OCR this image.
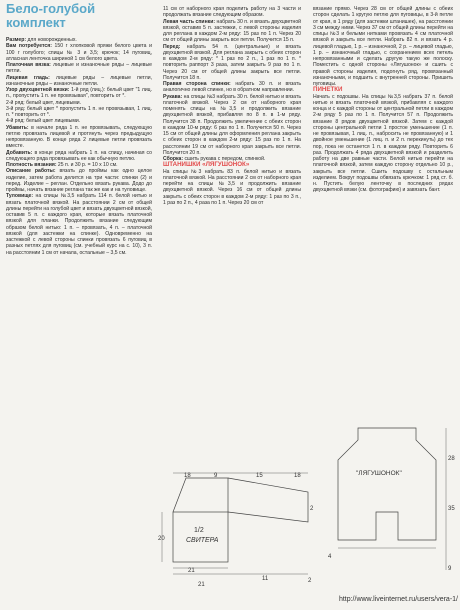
Бело-голубой
комплект

Размер: для новорожденных.

Вам потребуется: 150 г хлопковой пряжи белого цвета и 100 г голубого; спицы № 3 и 3,5; крючок; 14 пуговиц, атласная ленточка шириной 1 см белого цвета.

Платочная вязка: лицевые и изнаночные ряды – лицевые петли.

Лицевая гладь: лицевые ряды – лицевые петли, изнаночные ряды – изнаночные петли.

Узор двухцветной вязки: 1-й ряд (лиц.): белый цвет "1 лиц. п., пропустить 1 п. не провязывая", повторить от *.

2-й ряд: белый цвет, лицевыми.

3-й ряд: белый цвет * пропустить 1 п. не провязывая, 1 лиц. п. * повторить от *.

4-й ряд: белый цвет лицевыми.

Убавить: в начале ряда 1 п. не провязывать, следующую петлю провязать лицевой и протянуть через предыдущую непровязанную. В конце ряда 2 лицевые петли провязать вместе.

Добавить: в конце ряда набрать 1 п. на спицу, начиная со следующего ряда провязывать ее как обычную петлю.

Плотность вязания: 25 п. и 30 р. = 10 x 10 см.

Описание работы: вязать до проймы как одно целое изделие, затем работа делится на три части: спинки (2) и перед. Изделие – реглан. Отдельно вязать рукава. Додо до проймы, начать вязание реглана так же как и на туловище.

Туловище: на спицы №3,5 набрать 114 п. белой нитью и вязать платочной вязкой. На расстоянии 2 см от общей длины перейти на голубой цвет и вязать двухцветной вязкой, оставив 5 п. с каждого края, которые вязать платочной вязкой для планки. Продолжить вязание следующим образом белой нитью: 1 п. – провязать, 4 п. – платочной вязкой (для застежки на спинке). Одновременно на застежкой с левой стороны спинки провязать 6 пуговиц в разных петлях для пуговиц (см. учебный курс на с. 10), 3 п. на расстоянии 1 см от начала, остальные – 3,5 см.

11 см от наборного края поделить работу на 3 части и продолжать вязание следующим образом.

Левая часть спинки: набрать 30 п. и вязать двухцветной вязкой, оставив 5 п. застежки, с левой стороны изделия для реглана в каждом 2-м ряду: 15 раз по 1 п. Через 20 см от общей длины закрыть все петли. Получится 15 п.

Перед: набрать 54 п. (центральные) и вязать двухцветной вязкой. Для реглана закрыть с обеих сторон в каждом 2-м ряду: * 1 раз по 2 п., 1 раз по 1 п. * повторить раппорт 3 раза, затем закрыть 9 раз по 1 п. Через 20 см от общей длины закрыть все петли. Получится 18 п.

Правая сторона спинки: набрать 30 п. и вязать аналогично левой спинке, но в обратном направлении.

Рукава: на спицы №3 набрать 30 п. белой нитью и вязать платочной вязкой. Через 2 см от наборного края поменять спицы на №3,5 и продолжить вязание двухцветной вязкой, прибавляя по 8 п. в 1-м ряду. Получится 38 п. Продолжить увеличение с обеих сторон в каждом 10-м ряду: 6 раз по 1 п. Получится 50 п. Через 15 см от общей длины для оформления реглана закрыть с обеих сторон в каждом 2-м ряду: 15 раз по 1 п. На расстоянии 19 см от наборного края закрыть все петли. Получится 20 п.

Сборка: сшить рукава с передом, спинкой.

ШТАНИШКИ «ЛЯГУШОНОК»

На спицы №3 набрать 83 п. белой нитью и вязать платочной вязкой. На расстоянии 2 см от наборного края перейти на спицы №3,5 и продолжить вязание двухцветной вязкой. Через 16 см от общей длины закрыть с обеих сторон в каждом 2-м ряду: 1 раз по 3 п., 1 раз по 2 п., 4 раза по 1 п. Через 20 см от

вязание прямо. Через 28 см от общей длины с обеих сторон сделать 1 кругую петлю для пуговицы, в 3-й петле от края, в 1 ряду (для застежки штанишек), на расстоянии 3 см между ними. Через 37 см от общей длины перейти на спицы №3 и белыми нитками провязать 4 см платочной вязкой и закрыть все петли. Набрать 82 п. и вязать 4 р. лицевой гладью, 1 р. – изнаночной, 2 р. – лицевой гладью, 1 р. – изнаночный гладью, с сохранением всех петель непровязанными и сделать другую такую же полоску. Поместить с одной стороны «Лягушонок» и сшить с правой стороны изделия, подогнуть ряд, провязанный изнаночными, и подшить с внутренней стороны. Пришить пуговицы.

ПИНЕТКИ

Начать с подошвы. На спицы №3,5 набрать 37 п. белой нитью и вязать платочной вязкой, прибавляя с каждого конца и с каждой стороны от центральной петли в каждом 2-м ряду 5 раз по 1 п. Получится 57 п. Продолжить вязание 8 рядов двухцветной вязкой. Затем с каждой стороны центральной петли 1 простое уменьшение (1 п. не провязывая, 1 лиц. п., набросить не провязанную) и 1 двойное уменьшение (1 лиц. п. и 2 п. перекинуть) до тех пор, пока не останется 1 п. в каждом ряду. Повторить 6 раз. Продолжать 4 ряда двухцветной вязкой и разделить работу на две равные части. Белой нитью перейти на платочной вязкой, затем каждую сторону отдельно 10 р., закрыть все петли. Сшить подошву с остальным изделием. Вокруг подошвы обвязать крючком: 1 ряд ст. б. н. Пустить белую ленточку в последних рядах двухцветной вязки (см. фотографию) и завязать бант.

18	9	15	18
20
2
1/2
СВИТЕРА
21
11	2
21
"ЛЯГУШОНОК"
28
35
9
4
http://www.liveinternet.ru/users/vera-1/
